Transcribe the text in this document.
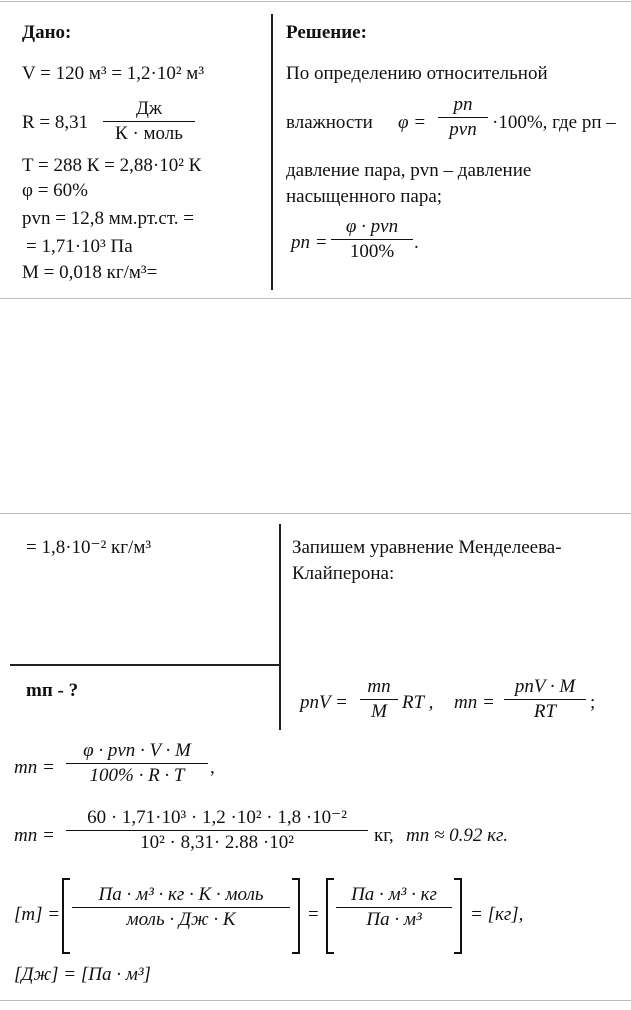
Дано:
V = 120 м³ = 1,2·10² м³
R = 8,31
Дж
К · моль
T = 288 К = 2,88·10² К
φ = 60%
pvn = 12,8 мм.рт.ст. =
= 1,71·10³ Па
M = 0,018 кг/м³=
Решение:
По определению относительной
влажности φ =
pn
pvn ·100%, где pп –
давление пара, pvn – давление
насыщенного пара;
pn =
φ · pvn
100%	.
= 1,8·10⁻² кг/м³
mп - ?
Запишем уравнение Менделеева-
Клайперона:
pnV =
mn
M RT , mn =
pnV · M
RT	;
mn =
φ · pvn · V · M
100% · R · T	,
mn =
60 · 1,71·10³ · 1,2 ·10² · 1,8 ·10⁻²
10² · 8,31· 2.88 ·10²	кг, mп ≈ 0.92 кг.
[m] =
Па · м³ · кг · К · моль
моль · Дж · К	=
Па · м³ · кг
Па · м³	= [кг],
[Дж] = [Па · м³]
